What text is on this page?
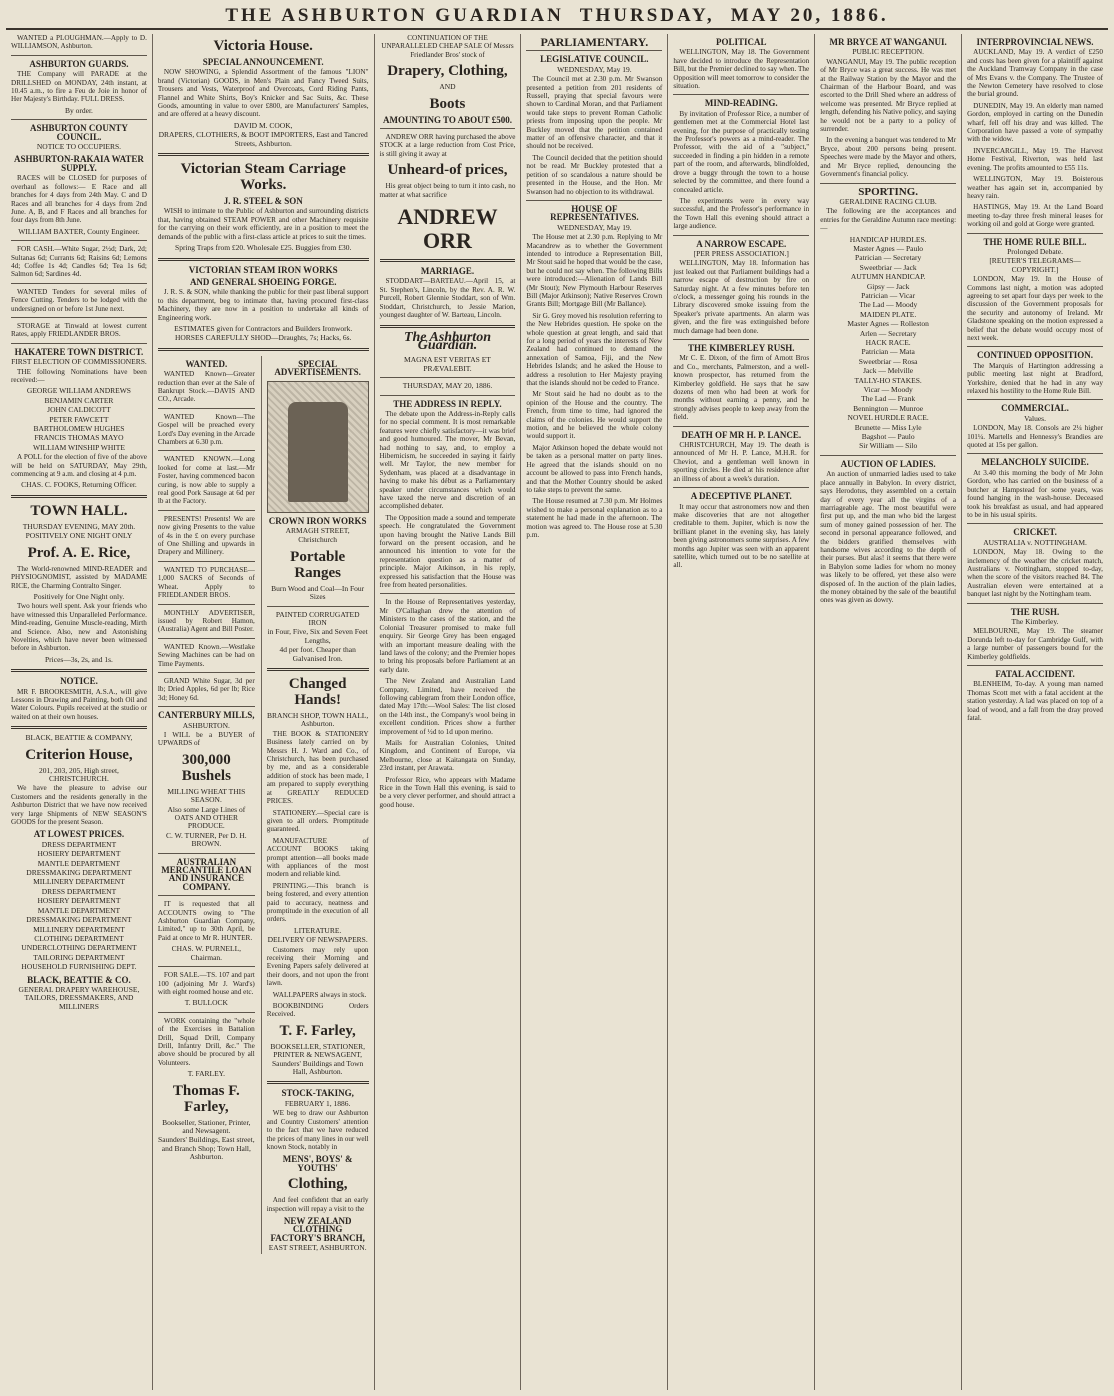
THE ASHBURTON GUARDIAN THURSDAY, MAY 20, 1886.

WANTED a PLOUGHMAN.—Apply to D. WILLIAMSON, Ashburton.

ASHBURTON GUARDS.

THE Company will PARADE at the DRILLSHED on MONDAY, 24th instant, at 10.45 a.m., to fire a Feu de Joie in honor of Her Majesty's Birthday. FULL DRESS.

By order.
ASHBURTON COUNTY COUNCIL.
NOTICE TO OCCUPIERS.
ASHBURTON-RAKAIA WATER SUPPLY.

RACES will be CLOSED for purposes of overhaul as follows:— E Race and all branches for 4 days from 24th May. C and D Races and all branches for 4 days from 2nd June. A, B, and F Races and all branches for four days from 8th June.

WILLIAM BAXTER, County Engineer.

FOR CASH.—White Sugar, 2½d; Dark, 2d; Sultanas 6d; Currants 6d; Raisins 6d; Lemons 4d; Coffee 1s 4d; Candles 6d; Tea 1s 6d; Salmon 6d; Sardines 4d.

WANTED Tenders for several miles of Fence Cutting. Tenders to be lodged with the undersigned on or before 1st June next.

STORAGE at Tinwald at lowest current Rates, apply FRIEDLANDER BROS.

HAKATERE TOWN DISTRICT.
FIRST ELECTION OF COMMISSIONERS.

THE following Nominations have been received:—

GEORGE WILLIAM ANDREWS
BENJAMIN CARTER
JOHN CALDICOTT
PETER FAWCETT
BARTHOLOMEW HUGHES
FRANCIS THOMAS MAYO
WILLIAM WINSHIP WHITE

A POLL for the election of five of the above will be held on SATURDAY, May 29th, commencing at 9 a.m. and closing at 4 p.m.

CHAS. C. FOOKS, Returning Officer.
TOWN HALL.
THURSDAY EVENING, MAY 20th.
POSITIVELY ONE NIGHT ONLY
Prof. A. E. Rice,

The World-renowned MIND-READER and PHYSIOGNOMIST, assisted by MADAME RICE, the Charming Contralto Singer.

Positively for One Night only.

Two hours well spent. Ask your friends who have witnessed this Unparalleled Performance. Mind-reading, Genuine Muscle-reading, Mirth and Science. Also, new and Astonishing Novelties, which have never been witnessed before in Ashburton.

Prices—3s, 2s, and 1s.
NOTICE.

MR F. BROOKESMITH, A.S.A., will give Lessons in Drawing and Painting, both Oil and Water Colours. Pupils received at the studio or waited on at their own houses.

BLACK, BEATTIE & COMPANY,
Criterion House,
201, 203, 205, High street, CHRISTCHURCH.

We have the pleasure to advise our Customers and the residents generally in the Ashburton District that we have now received very large Shipments of NEW SEASON'S GOODS for the present Season.

AT LOWEST PRICES.
DRESS DEPARTMENT
HOSIERY DEPARTMENT
MANTLE DEPARTMENT
DRESSMAKING DEPARTMENT
MILLINERY DEPARTMENT
DRESS DEPARTMENT
HOSIERY DEPARTMENT
MANTLE DEPARTMENT
DRESSMAKING DEPARTMENT
MILLINERY DEPARTMENT
CLOTHING DEPARTMENT
UNDERCLOTHING DEPARTMENT
TAILORING DEPARTMENT
HOUSEHOLD FURNISHING DEPT.
BLACK, BEATTIE & CO.
GENERAL DRAPERY WAREHOUSE, TAILORS, DRESSMAKERS, AND MILLINERS
Victoria House.
SPECIAL ANNOUNCEMENT.

NOW SHOWING, a Splendid Assortment of the famous "LION" brand (Victorian) GOODS, in Men's Plain and Fancy Tweed Suits, Trousers and Vests, Waterproof and Overcoats, Cord Riding Pants, Flannel and White Shirts, Boy's Knicker and Sac Suits, &c. These Goods, amounting in value to over £800, are Manufacturers' Samples, and are offered at a heavy discount.

DAVID M. COOK,
DRAPERS, CLOTHIERS, & BOOT IMPORTERS, East and Tancred Streets, Ashburton.
Victorian Steam Carriage Works.
J. R. STEEL & SON

WISH to intimate to the Public of Ashburton and surrounding districts that, having obtained STEAM POWER and other Machinery requisite for the carrying on their work efficiently, are in a position to meet the demands of the public with a first-class article at prices to suit the times.

Spring Traps from £20. Wholesale £25. Buggies from £30.
VICTORIAN STEAM IRON WORKS
AND GENERAL SHOEING FORGE.

J. R. S. & SON, while thanking the public for their past liberal support to this department, beg to intimate that, having procured first-class Machinery, they are now in a position to undertake all kinds of Engineering work.

ESTIMATES given for Contractors and Builders Ironwork.
HORSES CAREFULLY SHOD—Draughts, 7s; Hacks, 6s.
WANTED.

WANTED Known—Greater reduction than ever at the Sale of Bankrupt Stock.—DAVIS AND CO., Arcade.

WANTED Known—The Gospel will be preached every Lord's Day evening in the Arcade Chambers at 6.30 p.m.

WANTED KNOWN.—Long looked for come at last.—Mr Foster, having commenced bacon curing, is now able to supply a real good Pork Sausage at 6d per lb at the Factory.

PRESENTS! Presents! We are now giving Presents to the value of 4s in the £ on every purchase of One Shilling and upwards in Drapery and Millinery.

WANTED TO PURCHASE—1,000 SACKS of Seconds of Wheat. Apply to FRIEDLANDER BROS.

MONTHLY ADVERTISER, issued by Robert Hamon, (Australia) Agent and Bill Poster.

WANTED Known.—Westlake Sewing Machines can be had on Time Payments.

GRAND White Sugar, 3d per lb; Dried Apples, 6d per lb; Rice 3d; Honey 6d.

CANTERBURY MILLS,
ASHBURTON.

I WILL be a BUYER of UPWARDS of

300,000 Bushels
MILLING WHEAT THIS SEASON.
Also some Large Lines of OATS AND OTHER PRODUCE.
C. W. TURNER, Per D. H. BROWN.
AUSTRALIAN MERCANTILE LOAN AND INSURANCE COMPANY.

IT is requested that all ACCOUNTS owing to "The Ashburton Guardian Company, Limited," up to 30th April, be Paid at once to Mr R. HUNTER.

CHAS. W. PURNELL, Chairman.

FOR SALE.—TS. 107 and part 100 (adjoining Mr J. Ward's) with eight roomed house and etc.

T. BULLOCK

WORK containing the "whole of the Exercises in Battalion Drill, Squad Drill, Company Drill, Infantry Drill, &c." The above should be procured by all Volunteers.

T. FARLEY.
Thomas F. Farley,
Bookseller, Stationer, Printer, and Newsagent.
Saunders' Buildings, East street, and Branch Shop; Town Hall, Ashburton.
SPECIAL ADVERTISEMENTS.
CROWN IRON WORKS
ARMAGH STREET,
Christchurch
Portable Ranges
Burn Wood and Coal—In Four Sizes
PAINTED CORRUGATED IRON
in Four, Five, Six and Seven Feet Lengths,
4d per foot. Cheaper than Galvanised Iron.
Changed Hands!
BRANCH SHOP, TOWN HALL, Ashburton.

THE BOOK & STATIONERY Business lately carried on by Messrs H. J. Ward and Co., of Christchurch, has been purchased by me, and as a considerable addition of stock has been made, I am prepared to supply everything at GREATLY REDUCED PRICES.

STATIONERY.—Special care is given to all orders. Promptitude guaranteed.

MANUFACTURE of ACCOUNT BOOKS taking prompt attention—all books made with appliances of the most modern and reliable kind.

PRINTING.—This branch is being fostered, and every attention paid to accuracy, neatness and promptitude in the execution of all orders.

LITERATURE.
DELIVERY OF NEWSPAPERS.

Customers may rely upon receiving their Morning and Evening Papers safely delivered at their doors, and not upon the front lawn.

WALLPAPERS always in stock.

BOOKBINDING Orders Received.

T. F. Farley,
BOOKSELLER, STATIONER, PRINTER & NEWSAGENT, Saunders' Buildings and Town Hall, Ashburton.
STOCK-TAKING,
FEBRUARY 1, 1886.

WE beg to draw our Ashburton and Country Customers' attention to the fact that we have reduced the prices of many lines in our well known Stock, notably in

MENS', BOYS' & YOUTHS'
Clothing,

And feel confident that an early inspection will repay a visit to the

NEW ZEALAND CLOTHING FACTORY'S BRANCH,
EAST STREET, ASHBURTON.

CONTINUATION OF THE UNPARALLELED CHEAP SALE Of Messrs Friedlander Bros' stock of

Drapery, Clothing,
AND
Boots
AMOUNTING TO ABOUT £500.

ANDREW ORR having purchased the above STOCK at a large reduction from Cost Price, is still giving it away at

Unheard-of prices,

His great object being to turn it into cash, no matter at what sacrifice

ANDREW ORR
MARRIAGE.

STODDART—BARTEAU.—April 15, at St. Stephen's, Lincoln, by the Rev. A. R. W. Purcell, Robert Glennie Stoddart, son of Wm. Stoddart, Christchurch, to Jessie Marion, youngest daughter of W. Barteau, Lincoln.

The Ashburton Guardian.
MAGNA EST VERITAS ET PRÆVALEBIT.
THURSDAY, MAY 20, 1886.
THE ADDRESS IN REPLY.

The debate upon the Address-in-Reply calls for no special comment. It is most remarkable features were chiefly satisfactory—it was brief and good humoured. The mover, Mr Bevan, had nothing to say, and, to employ a Hibernicism, he succeeded in saying it fairly well. Mr Taylor, the new member for Sydenham, was placed at a disadvantage in having to make his début as a Parliamentary speaker under circumstances which would have taxed the nerve and discretion of an accomplished debater.

The Opposition made a sound and temperate speech. He congratulated the Government upon having brought the Native Lands Bill forward on the present occasion, and he announced his intention to vote for the representation question as a matter of principle. Major Atkinson, in his reply, expressed his satisfaction that the House was free from heated personalities.

In the House of Representatives yesterday, Mr O'Callaghan drew the attention of Ministers to the cases of the station, and the Colonial Treasurer promised to make full enquiry. Sir George Grey has been engaged with an important measure dealing with the land laws of the colony; and the Premier hopes to bring his proposals before Parliament at an early date.

The New Zealand and Australian Land Company, Limited, have received the following cablegram from their London office, dated May 17th:—Wool Sales: The list closed on the 14th inst., the Company's wool being in excellent condition. Prices show a further improvement of ½d to 1d upon merino.

Mails for Australian Colonies, United Kingdom, and Continent of Europe, via Melbourne, close at Kaitangata on Sunday, 23rd instant, per Arawata.

Professor Rice, who appears with Madame Rice in the Town Hall this evening, is said to be a very clever performer, and should attract a good house.

PARLIAMENTARY.
LEGISLATIVE COUNCIL.
WEDNESDAY, May 19.

The Council met at 2.30 p.m. Mr Swanson presented a petition from 201 residents of Russell, praying that special favours were shown to Cardinal Moran, and that Parliament would take steps to prevent Roman Catholic priests from imposing upon the people. Mr Buckley moved that the petition contained matter of an offensive character, and that it should not be received.

The Council decided that the petition should not be read. Mr Buckley protested that a petition of so scandalous a nature should be presented in the House, and the Hon. Mr Swanson had no objection to its withdrawal.

HOUSE OF REPRESENTATIVES.
WEDNESDAY, May 19.

The House met at 2.30 p.m. Replying to Mr Macandrew as to whether the Government intended to introduce a Representation Bill, Mr Stout said he hoped that would be the case, but he could not say when. The following Bills were introduced:—Alienation of Lands Bill (Mr Stout); New Plymouth Harbour Reserves Bill (Major Atkinson); Native Reserves Crown Grants Bill; Mortgage Bill (Mr Ballance).

Sir G. Grey moved his resolution referring to the New Hebrides question. He spoke on the whole question at great length, and said that for a long period of years the interests of New Zealand had continued to demand the annexation of Samoa, Fiji, and the New Hebrides Islands; and he asked the House to address a resolution to Her Majesty praying that the islands should not be ceded to France.

Mr Stout said he had no doubt as to the opinion of the House and the country. The French, from time to time, had ignored the claims of the colonies. He would support the motion, and he believed the whole colony would support it.

Major Atkinson hoped the debate would not be taken as a personal matter on party lines. He agreed that the islands should on no account be allowed to pass into French hands, and that the Mother Country should be asked to take steps to prevent the same.

The House resumed at 7.30 p.m. Mr Holmes wished to make a personal explanation as to a statement he had made in the afternoon. The motion was agreed to. The House rose at 5.30 p.m.

POLITICAL

WELLINGTON, May 18. The Government have decided to introduce the Representation Bill, but the Premier declined to say when. The Opposition will meet tomorrow to consider the situation.

MIND-READING.

By invitation of Professor Rice, a number of gentlemen met at the Commercial Hotel last evening, for the purpose of practically testing the Professor's powers as a mind-reader. The Professor, with the aid of a "subject," succeeded in finding a pin hidden in a remote part of the room, and afterwards, blindfolded, drove a buggy through the town to a house selected by the committee, and there found a concealed article.

The experiments were in every way successful, and the Professor's performance in the Town Hall this evening should attract a large audience.

A NARROW ESCAPE.
[PER PRESS ASSOCIATION.]

WELLINGTON, May 18. Information has just leaked out that Parliament buildings had a narrow escape of destruction by fire on Saturday night. At a few minutes before ten o'clock, a messenger going his rounds in the Library discovered smoke issuing from the Speaker's private apartments. An alarm was given, and the fire was extinguished before much damage had been done.

THE KIMBERLEY RUSH.

Mr C. E. Dixon, of the firm of Arnott Bros and Co., merchants, Palmerston, and a well-known prospector, has returned from the Kimberley goldfield. He says that he saw dozens of men who had been at work for months without earning a penny, and he strongly advises people to keep away from the field.

DEATH OF MR H. P. LANCE.

CHRISTCHURCH, May 19. The death is announced of Mr H. P. Lance, M.H.R. for Cheviot, and a gentleman well known in sporting circles. He died at his residence after an illness of about a week's duration.

A DECEPTIVE PLANET.

It may occur that astronomers now and then make discoveries that are not altogether creditable to them. Jupiter, which is now the brilliant planet in the evening sky, has lately been giving astronomers some surprises. A few months ago Jupiter was seen with an apparent satellite, which turned out to be no satellite at all.

MR BRYCE AT WANGANUI.
PUBLIC RECEPTION.

WANGANUI, May 19. The public reception of Mr Bryce was a great success. He was met at the Railway Station by the Mayor and the Chairman of the Harbour Board, and was escorted to the Drill Shed where an address of welcome was presented. Mr Bryce replied at length, defending his Native policy, and saying he would not be a party to a policy of surrender.

In the evening a banquet was tendered to Mr Bryce, about 200 persons being present. Speeches were made by the Mayor and others, and Mr Bryce replied, denouncing the Government's financial policy.

SPORTING.
GERALDINE RACING CLUB.

The following are the acceptances and entries for the Geraldine Autumn race meeting:—

HANDICAP HURDLES.
Master Agnes — Paulo
Patrician — Secretary
Sweetbriar — Jack
AUTUMN HANDICAP.
Gipsy — Jack
Patrician — Vicar
The Lad — Moody
MAIDEN PLATE.
Master Agnes — Rolleston
Arlen — Secretary
HACK RACE.
Patrician — Mata
Sweetbriar — Rosa
Jack — Melville
TALLY-HO STAKES.
Vicar — Moody
The Lad — Frank
Bennington — Munroe
NOVEL HURDLE RACE.
Brunette — Miss Lyle
Bagshot — Paulo
Sir William — Silo
AUCTION OF LADIES.

An auction of unmarried ladies used to take place annually in Babylon. In every district, says Herodotus, they assembled on a certain day of every year all the virgins of a marriageable age. The most beautiful were first put up, and the man who bid the largest sum of money gained possession of her. The second in personal appearance followed, and the bidders gratified themselves with handsome wives according to the depth of their purses. But alas! it seems that there were in Babylon some ladies for whom no money was likely to be offered, yet these also were disposed of. In the auction of the plain ladies, the money obtained by the sale of the beautiful ones was given as dowry.

INTERPROVINCIAL NEWS.

AUCKLAND, May 19. A verdict of £250 and costs has been given for a plaintiff against the Auckland Tramway Company in the case of Mrs Evans v. the Company. The Trustee of the Newton Cemetery have resolved to close the burial ground.

DUNEDIN, May 19. An elderly man named Gordon, employed in carting on the Dunedin wharf, fell off his dray and was killed. The Corporation have passed a vote of sympathy with the widow.

INVERCARGILL, May 19. The Harvest Home Festival, Riverton, was held last evening. The profits amounted to £55 11s.

WELLINGTON, May 19. Boisterous weather has again set in, accompanied by heavy rain.

HASTINGS, May 19. At the Land Board meeting to-day three fresh mineral leases for working oil and gold at Gorge were granted.

THE HOME RULE BILL.
Prolonged Debate.
[REUTER'S TELEGRAMS—COPYRIGHT.]

LONDON, May 19. In the House of Commons last night, a motion was adopted agreeing to set apart four days per week to the discussion of the Government proposals for the security and autonomy of Ireland. Mr Gladstone speaking on the motion expressed a belief that the debate would occupy most of next week.

CONTINUED OPPOSITION.

The Marquis of Hartington addressing a public meeting last night at Bradford, Yorkshire, denied that he had in any way relaxed his hostility to the Home Rule Bill.

COMMERCIAL.
Values.

LONDON, May 18. Consols are 2¼ higher 101¼. Martells and Hennessy's Brandies are quoted at 15s per gallon.

MELANCHOLY SUICIDE.

At 3.40 this morning the body of Mr John Gordon, who has carried on the business of a butcher at Hampstead for some years, was found hanging in the wash-house. Deceased took his breakfast as usual, and had appeared to be in his usual spirits.

CRICKET.
AUSTRALIA v. NOTTINGHAM.

LONDON, May 18. Owing to the inclemency of the weather the cricket match, Australians v. Nottingham, stopped to-day, when the score of the visitors reached 84. The Australian eleven were entertained at a banquet last night by the Nottingham team.

THE RUSH.
The Kimberley.

MELBOURNE, May 19. The steamer Dorunda left to-day for Cambridge Gulf, with a large number of passengers bound for the Kimberley goldfields.

FATAL ACCIDENT.

BLENHEIM, To-day. A young man named Thomas Scott met with a fatal accident at the station yesterday. A lad was placed on top of a load of wood, and a fall from the dray proved fatal.
